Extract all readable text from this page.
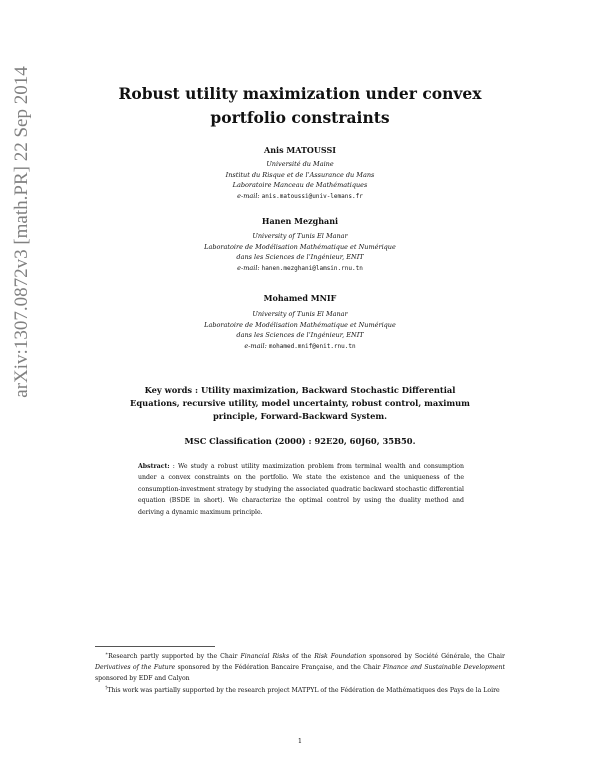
arXiv:1307.0872v3 [math.PR] 22 Sep 2014	Robust utility maximization under convex
portfolio constraints
Anis MATOUSSI
Université du Maine
Institut du Risque et de l’Assurance du Mans
Laboratoire Manceau de Mathématiques
e-mail: anis.matoussi@univ-lemans.fr
Hanen Mezghani
University of Tunis El Manar
Laboratoire de Modélisation Mathématique et Numérique
dans les Sciences de l’Ingénieur, ENIT
e-mail: hanen.mezghani@lamsin.rnu.tn
Mohamed MNIF
University of Tunis El Manar
Laboratoire de Modélisation Mathématique et Numérique
dans les Sciences de l’Ingénieur, ENIT
e-mail: mohamed.mnif@enit.rnu.tn
Key words : Utility maximization, Backward Stochastic Differential Equations, recursive utility, model uncertainty, robust control, maximum principle, Forward-Backward System.
MSC Classification (2000) : 92E20, 60J60, 35B50.
Abstract: : We study a robust utility maximization problem from terminal wealth and consumption under a convex constraints on the portfolio. We state the existence and the uniqueness of the consumption-investment strategy by studying the associated quadratic backward stochastic differential equation (BSDE in short). We characterize the optimal control by using the duality method and deriving a dynamic maximum principle.
∗Research partly supported by the Chair Financial Risks of the Risk Foundation sponsored by Société Générale, the Chair Derivatives of the Future sponsored by the Fédération Bancaire Française, and the Chair Finance and Sustainable Development sponsored by EDF and Calyon
†This work was partially supported by the research project MATPYL of the Fédération de Mathématiques des Pays de la Loire
1
